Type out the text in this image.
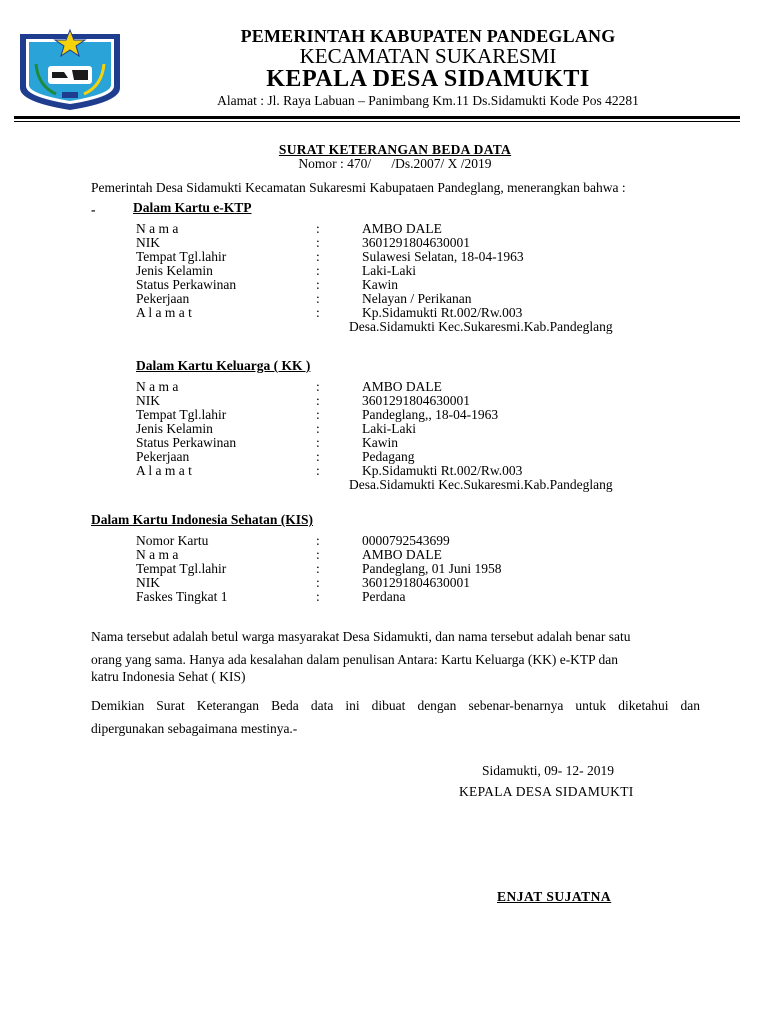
PEMERINTAH KABUPATEN PANDEGLANG
KECAMATAN SUKARESMI
KEPALA DESA SIDAMUKTI
Alamat : Jl. Raya Labuan – Panimbang Km.11 Ds.Sidamukti Kode Pos 42281
SURAT KETERANGAN BEDA DATA
Nomor : 470/      /Ds.2007/ X /2019
Pemerintah Desa Sidamukti Kecamatan Sukaresmi Kabupataen Pandeglang, menerangkan bahwa :
-	Dalam Kartu e-KTP
N a m a	:	AMBO DALE
NIK	:	3601291804630001
Tempat Tgl.lahir	:	Sulawesi Selatan, 18-04-1963
Jenis Kelamin	:	Laki-Laki
Status Perkawinan	:	Kawin
Pekerjaan	:	Nelayan / Perikanan
A l a m a t	:	Kp.Sidamukti Rt.002/Rw.003
Desa.Sidamukti Kec.Sukaresmi.Kab.Pandeglang
Dalam Kartu Keluarga ( KK )
N a m a	:	AMBO DALE
NIK	:	3601291804630001
Tempat Tgl.lahir	:	Pandeglang,, 18-04-1963
Jenis Kelamin	:	Laki-Laki
Status Perkawinan	:	Kawin
Pekerjaan	:	Pedagang
A l a m a t	:	Kp.Sidamukti Rt.002/Rw.003
Desa.Sidamukti Kec.Sukaresmi.Kab.Pandeglang
Dalam Kartu Indonesia Sehatan (KIS)
Nomor Kartu	:	0000792543699
N a m a	:	AMBO DALE
Tempat Tgl.lahir	:	Pandeglang, 01 Juni 1958
NIK	:	3601291804630001
Faskes Tingkat 1	:	Perdana
Nama tersebut adalah betul warga masyarakat Desa Sidamukti, dan nama tersebut adalah benar satu
orang yang sama. Hanya ada kesalahan dalam penulisan Antara: Kartu Keluarga (KK) e-KTP dan
katru Indonesia Sehat ( KIS)
Demikian Surat Keterangan Beda data ini dibuat dengan sebenar-benarnya untuk diketahui dan
dipergunakan sebagaimana mestinya.-
Sidamukti, 09- 12- 2019
KEPALA DESA SIDAMUKTI
ENJAT SUJATNA
